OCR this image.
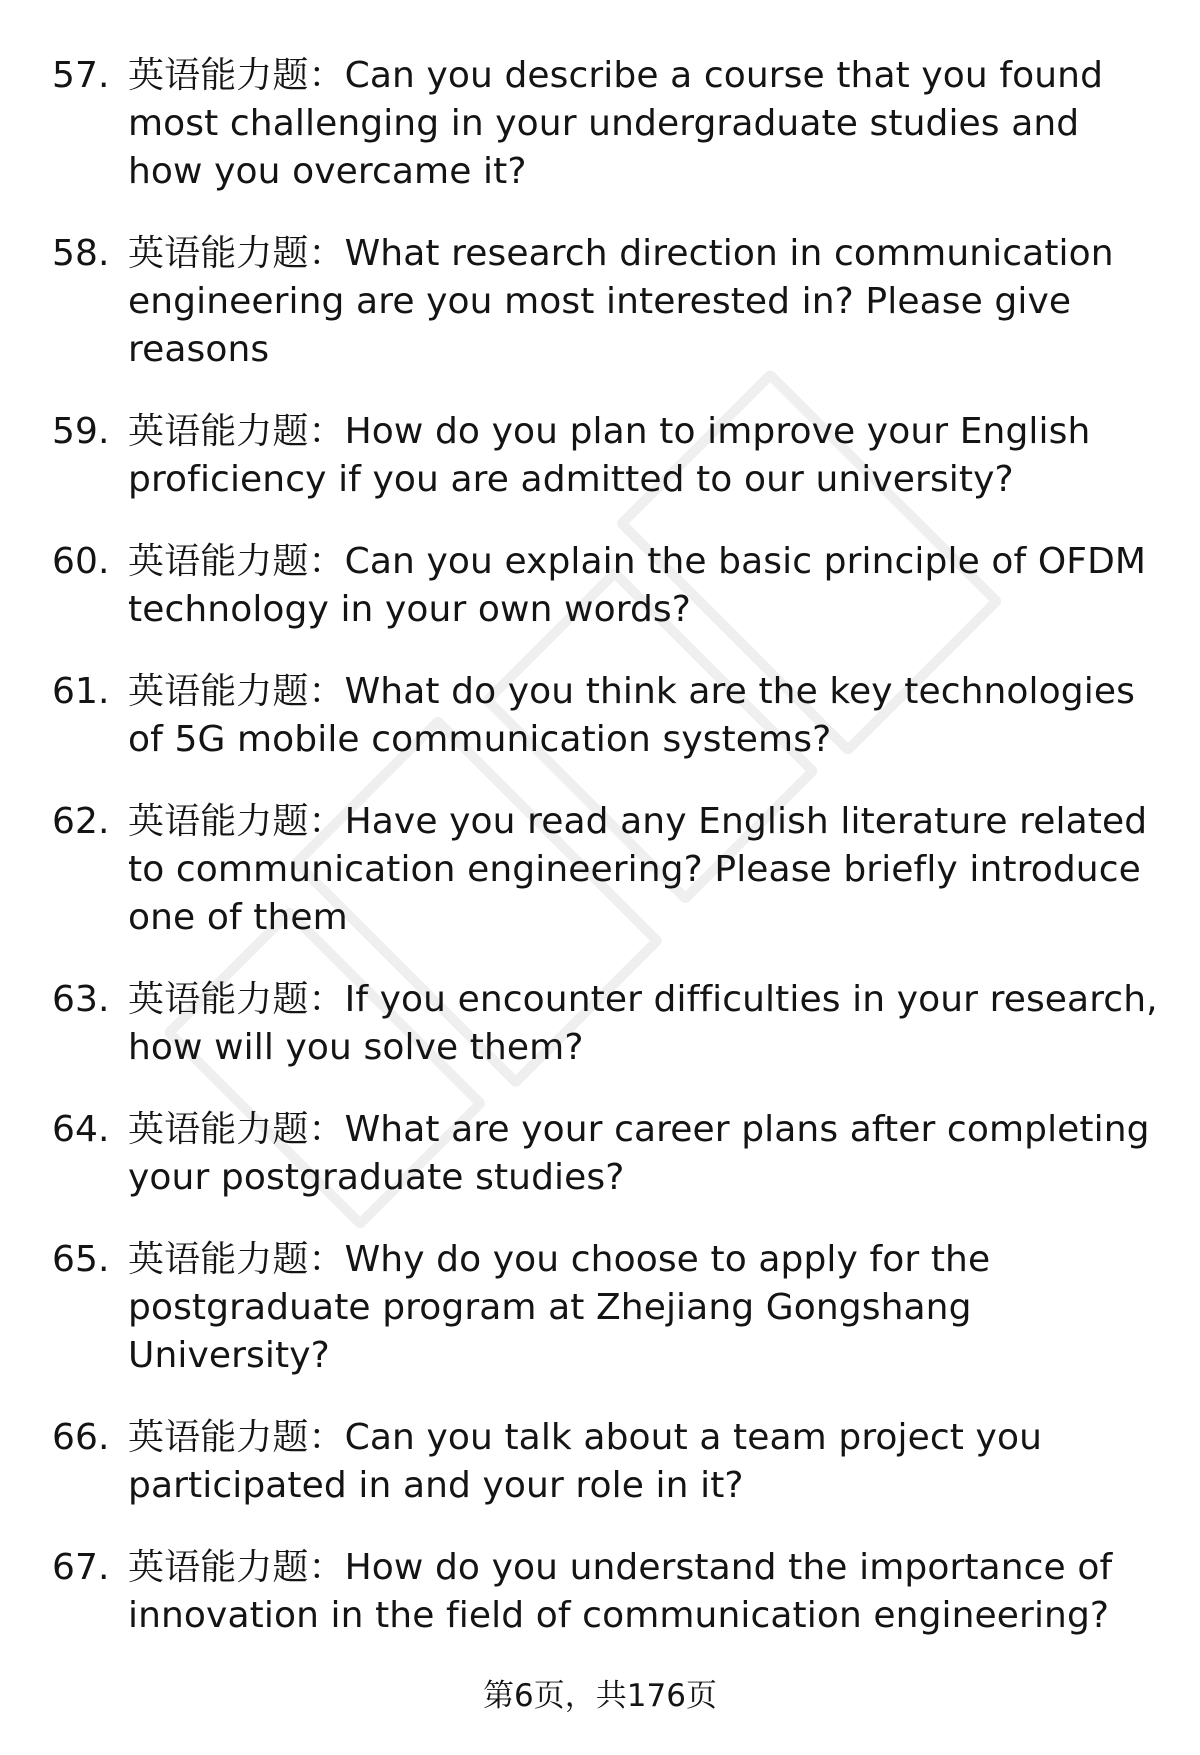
57. 英语能力题：Can you describe a course that you found most challenging in your undergraduate studies and how you overcame it?
58. 英语能力题：What research direction in communication engineering are you most interested in? Please give reasons
59. 英语能力题：How do you plan to improve your English proficiency if you are admitted to our university?
60. 英语能力题：Can you explain the basic principle of OFDM technology in your own words?
61. 英语能力题：What do you think are the key technologies of 5G mobile communication systems?
62. 英语能力题：Have you read any English literature related to communication engineering? Please briefly introduce one of them
63. 英语能力题：If you encounter difficulties in your research, how will you solve them?
64. 英语能力题：What are your career plans after completing your postgraduate studies?
65. 英语能力题：Why do you choose to apply for the postgraduate program at Zhejiang Gongshang University?
66. 英语能力题：Can you talk about a team project you participated in and your role in it?
67. 英语能力题：How do you understand the importance of innovation in the field of communication engineering?
第6页，共176页
